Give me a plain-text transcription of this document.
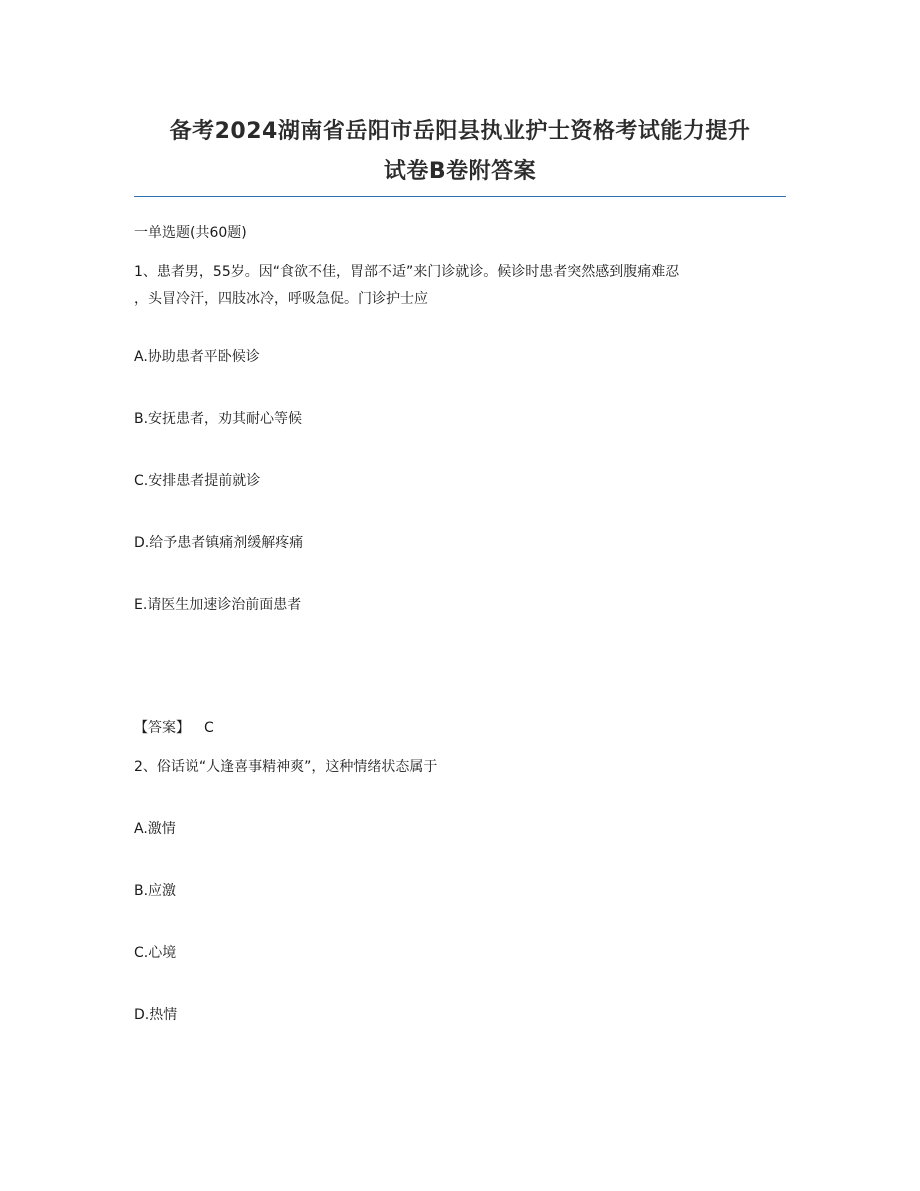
备考2024湖南省岳阳市岳阳县执业护士资格考试能力提升
试卷B卷附答案
一单选题(共60题)
1、患者男，55岁。因“食欲不佳，胃部不适”来门诊就诊。候诊时患者突然感到腹痛难忍
，头冒冷汗，四肢冰冷，呼吸急促。门诊护士应
A.协助患者平卧候诊
B.安抚患者，劝其耐心等候
C.安排患者提前就诊
D.给予患者镇痛剂缓解疼痛
E.请医生加速诊治前面患者
【答案】 C
2、俗话说“人逢喜事精神爽”，这种情绪状态属于
A.激情
B.应激
C.心境
D.热情
